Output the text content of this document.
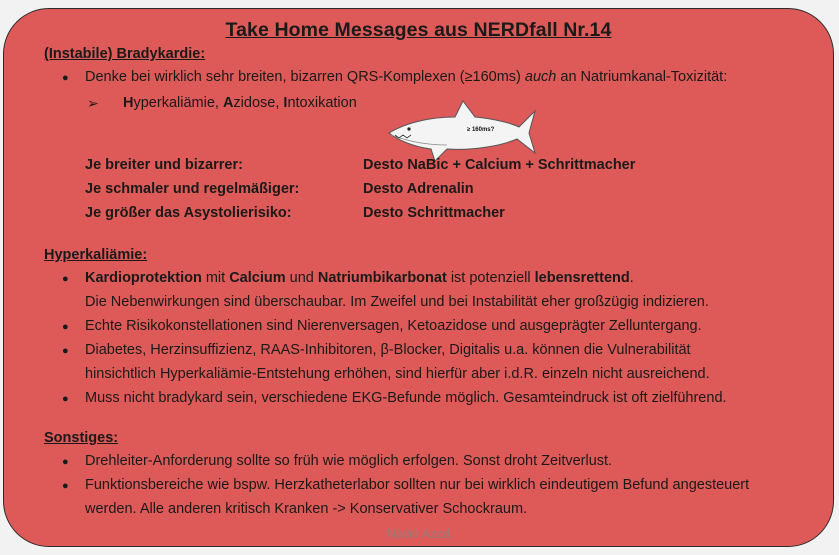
Take Home Messages aus NERDfall Nr.14
(Instabile) Bradykardie:
● Denke bei wirklich sehr breiten, bizarren QRS-Komplexen (≥160ms) auch an Natriumkanal-Toxizität:
➢ Hyperkaliämie, Azidose, Intoxikation
≥ 160ms?
Je breiter und bizarrer:	Desto NaBic + Calcium + Schrittmacher
Je schmaler und regelmäßiger:	Desto Adrenalin
Je größer das Asystolierisiko:	Desto Schrittmacher
Hyperkaliämie:
● Kardioprotektion mit Calcium und Natriumbikarbonat ist potenziell lebensrettend.
Die Nebenwirkungen sind überschaubar. Im Zweifel und bei Instabilität eher großzügig indizieren.
● Echte Risikokonstellationen sind Nierenversagen, Ketoazidose und ausgeprägter Zelluntergang.
● Diabetes, Herzinsuffizienz, RAAS-Inhibitoren, β-Blocker, Digitalis u.a. können die Vulnerabilität
hinsichtlich Hyperkaliämie-Entstehung erhöhen, sind hierfür aber i.d.R. einzeln nicht ausreichend.
● Muss nicht bradykard sein, verschiedene EKG-Befunde möglich. Gesamteindruck ist oft zielführend.
Sonstiges:
● Drehleiter-Anforderung sollte so früh wie möglich erfolgen. Sonst droht Zeitverlust.
● Funktionsbereiche wie bspw. Herzkatheterlabor sollten nur bei wirklich eindeutigem Befund angesteuert
werden. Alle anderen kritisch Kranken -> Konservativer Schockraum.
Navid Azad
